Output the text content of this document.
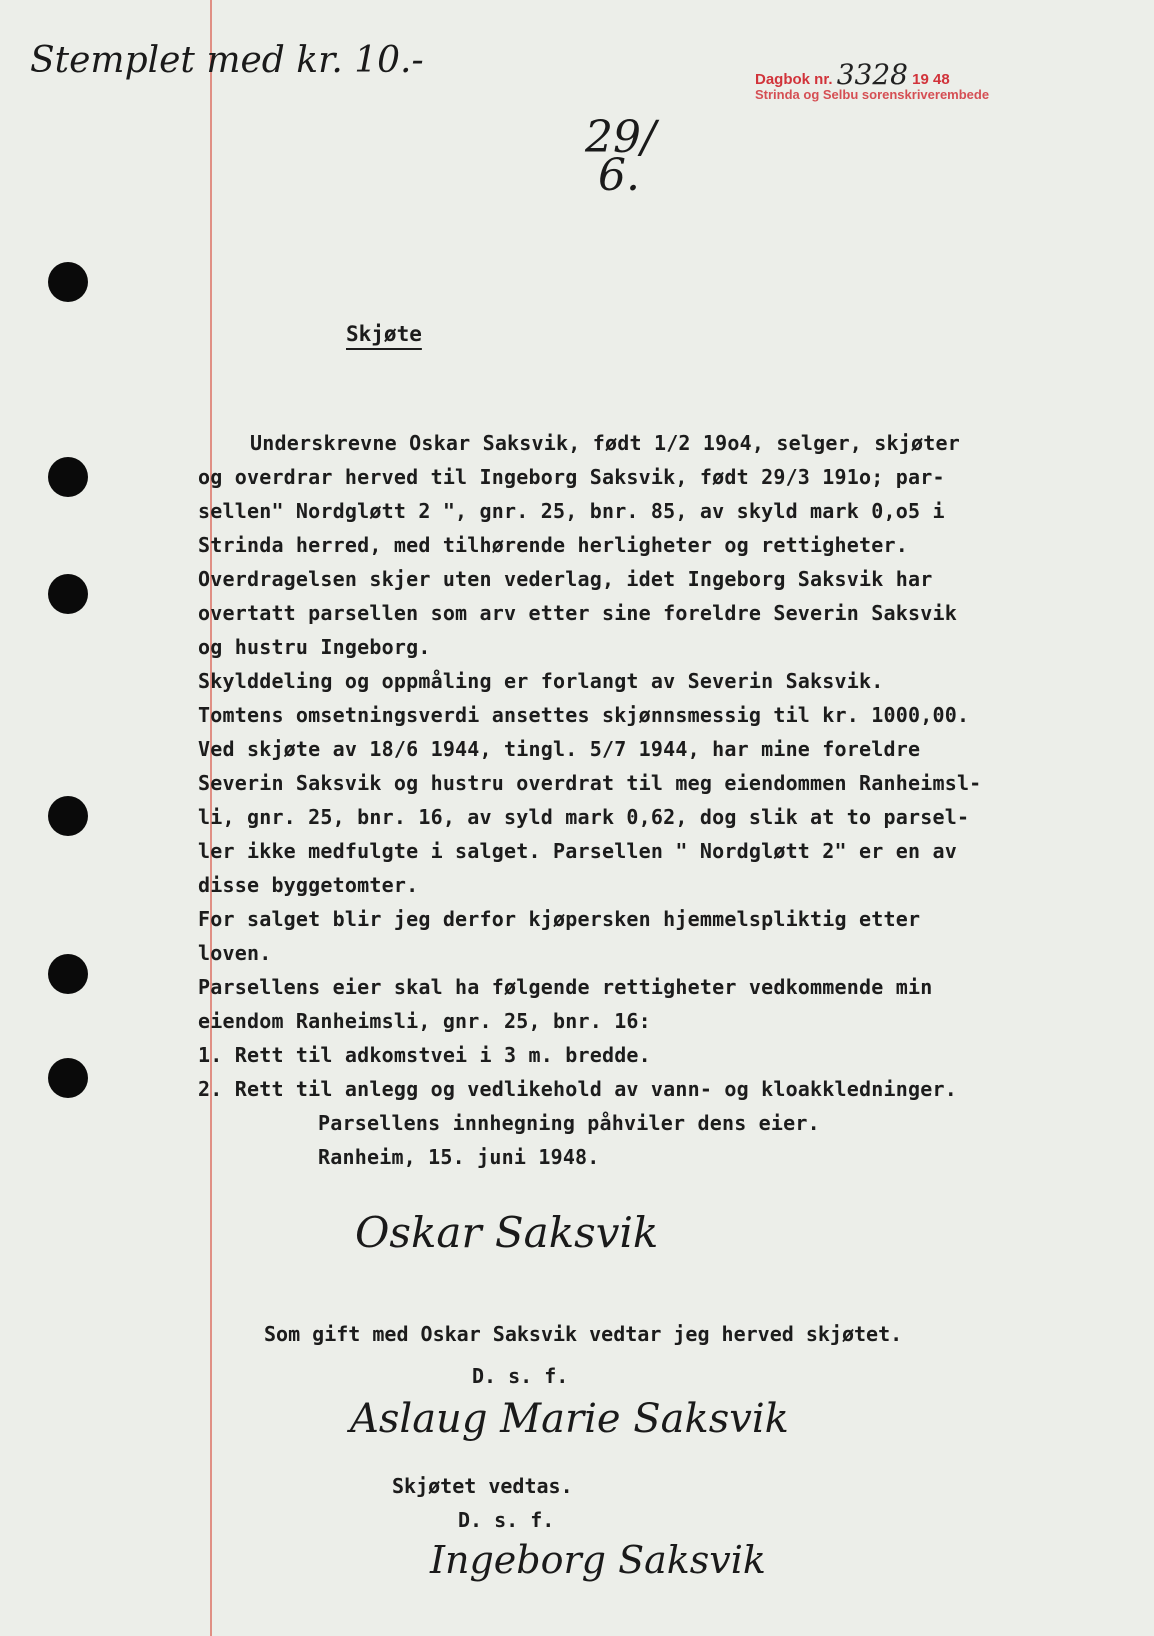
Stemplet med kr. 10.-	Dagbok nr. 3328 19 48
Strinda og Selbu sorenskriverembede
29/
6.
Skjøte
Underskrevne Oskar Saksvik, født 1/2 19o4, selger, skjøter
og overdrar herved til Ingeborg Saksvik, født 29/3 191o; par-
sellen" Nordgløtt 2 ", gnr. 25, bnr. 85, av skyld mark 0,o5 i
Strinda herred, med tilhørende herligheter og rettigheter.
Overdragelsen skjer uten vederlag, idet Ingeborg Saksvik har
overtatt parsellen som arv etter sine foreldre Severin Saksvik
og hustru Ingeborg.
Skylddeling og oppmåling er forlangt av Severin Saksvik.
Tomtens omsetningsverdi ansettes skjønnsmessig til kr. 1000,00.
Ved skjøte av 18/6 1944, tingl. 5/7 1944, har mine foreldre
Severin Saksvik og hustru overdrat til meg eiendommen Ranheimsl-
li, gnr. 25, bnr. 16, av syld mark 0,62, dog slik at to parsel-
ler ikke medfulgte i salget. Parsellen " Nordgløtt 2" er en av
disse byggetomter.
For salget blir jeg derfor kjøpersken hjemmelspliktig etter
loven.
Parsellens eier skal ha følgende rettigheter vedkommende min
eiendom Ranheimsli, gnr. 25, bnr. 16:
1. Rett til adkomstvei i 3 m. bredde.
2. Rett til anlegg og vedlikehold av vann- og kloakkledninger.
Parsellens innhegning påhviler dens eier.
Ranheim, 15. juni 1948.
Oskar Saksvik
Som gift med Oskar Saksvik vedtar jeg herved skjøtet.
D. s. f.
Aslaug Marie Saksvik
Skjøtet vedtas.
D. s. f.
Ingeborg Saksvik
